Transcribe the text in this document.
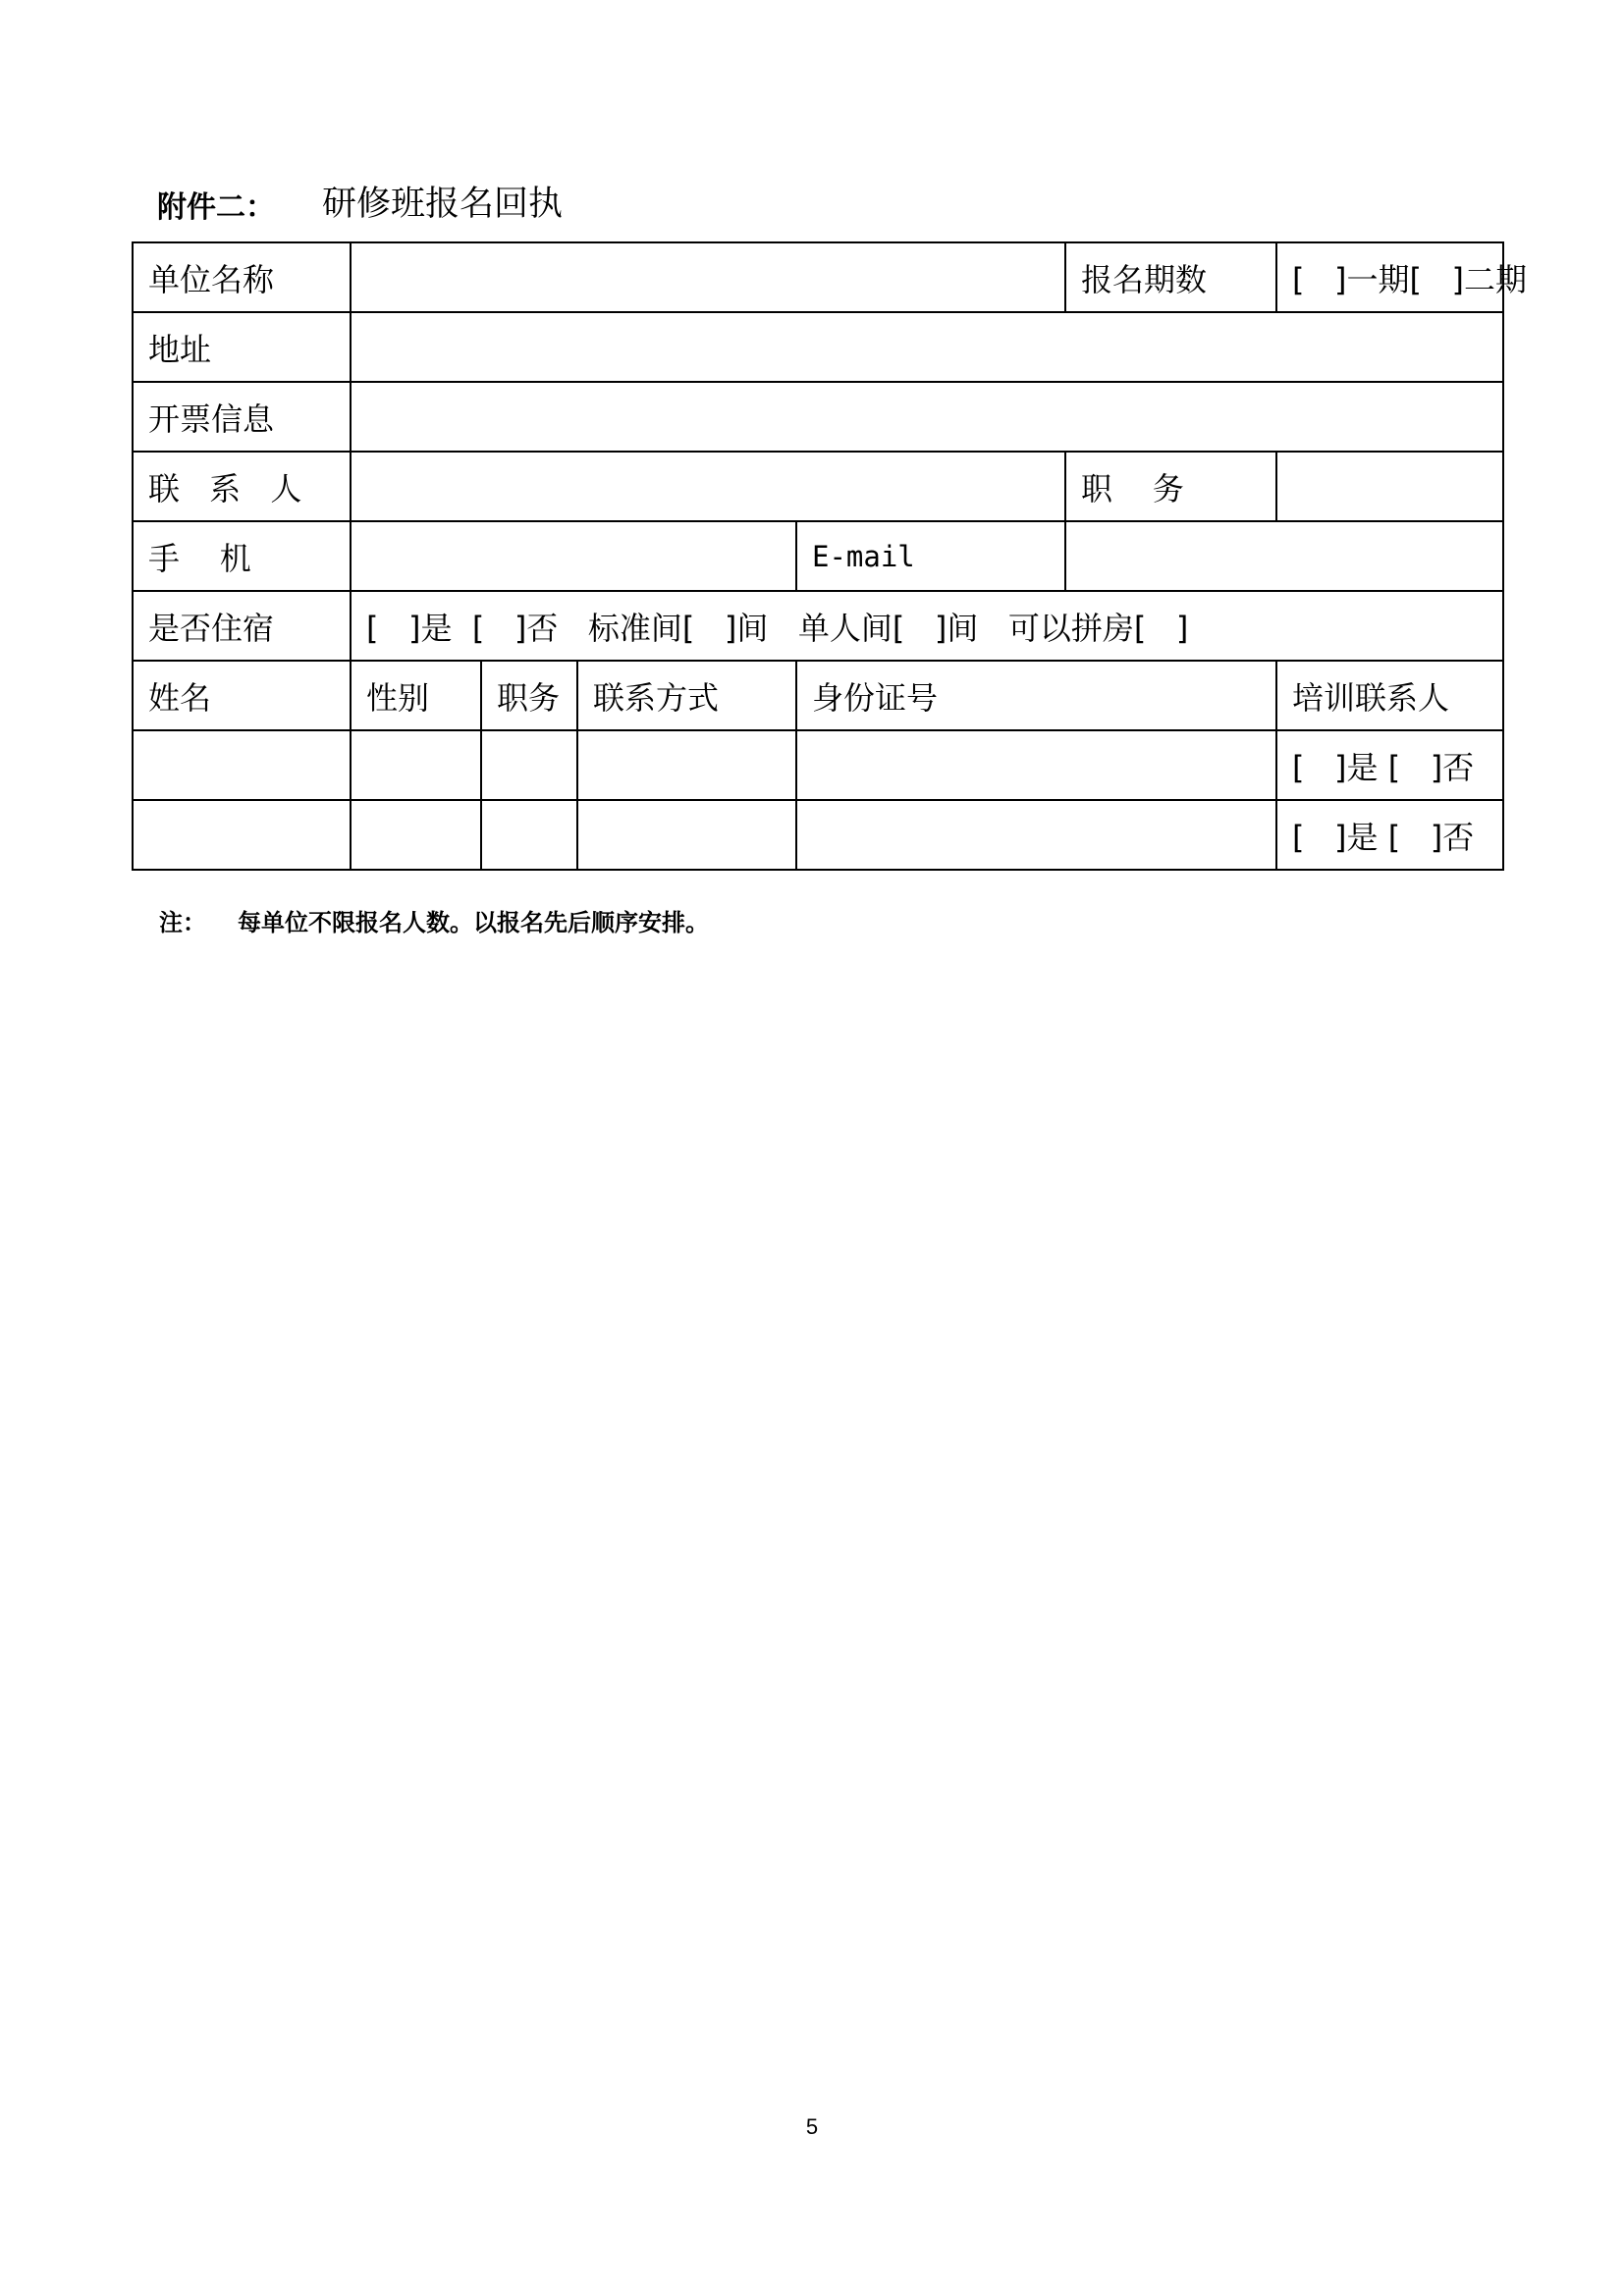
附件二： 研修班报名回执
单位名称					报名期数	[   ]一期[   ]二期
地址						
开票信息						
联 系 人					职    务	
手    机				E-mail		
是否住宿	[   ]是  [   ]否   标准间[   ]间   单人间[   ]间   可以拼房[   ]					
姓名	性别	职务	联系方式	身份证号		培训联系人
						[   ]是 [   ]否
						[   ]是 [   ]否
注： 每单位不限报名人数。以报名先后顺序安排。
5
